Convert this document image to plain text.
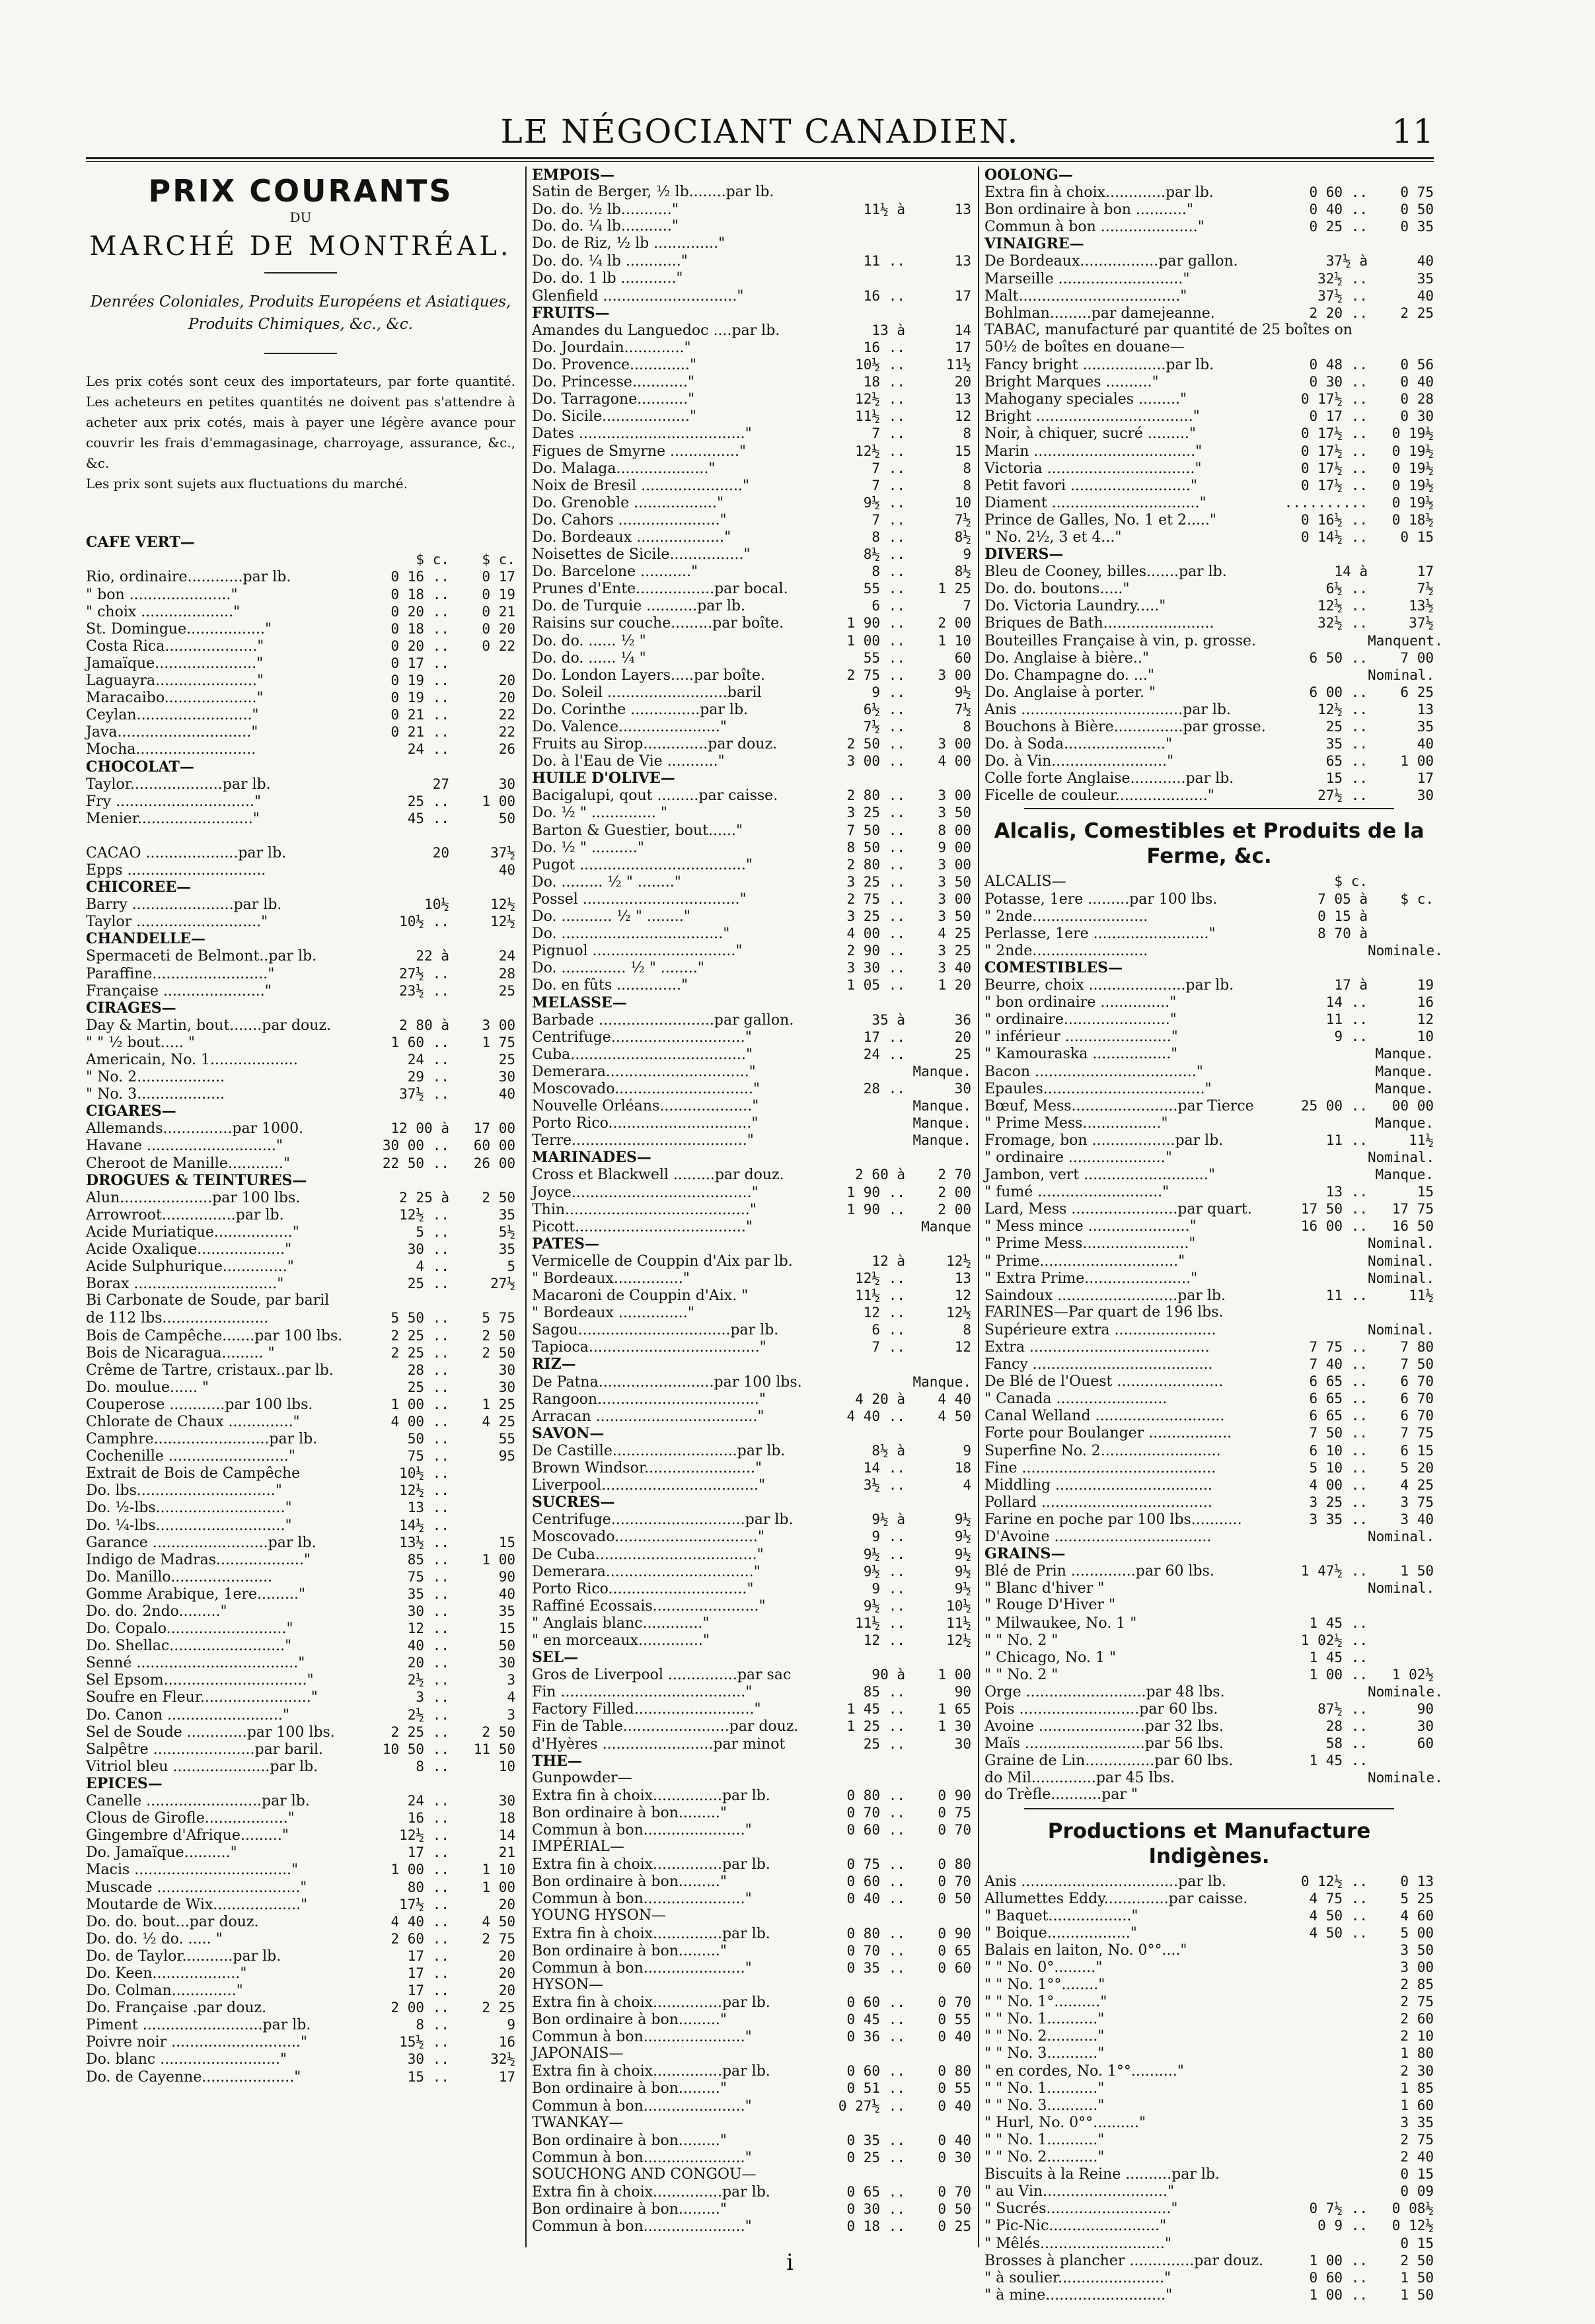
LE NÉGOCIANT CANADIEN.	11
PRIX COURANTS
DU
MARCHÉ DE MONTRÉAL.
Denrées Coloniales, Produits Européens et Asiatiques, Produits Chimiques, &c., &c.
Les prix cotés sont ceux des importateurs, par forte quantité. Les acheteurs en petites quantités ne doivent pas s'attendre à acheter aux prix cotés, mais à payer une légère avance pour couvrir les frais d'emmagasinage, charroyage, assurance, &c., &c.
Les prix sont sujets aux fluctuations du marché.
CAFE VERT—
$ c.	$ c.
Rio, ordinaire............par lb.	0 16 ..	0 17
" bon ......................"	0 18 ..	0 19
" choix ...................."	0 20 ..	0 21
St. Domingue................."	0 18 ..	0 20
Costa Rica...................."	0 20 ..	0 22
Jamaïque......................"	0 17 ..
Laguayra......................"	0 19 ..	20
Maracaibo...................."	0 19 ..	20
Ceylan........................."	0 21 ..	22
Java............................."	0 21 ..	22
Mocha..........................	24 ..	26
CHOCOLAT—
Taylor....................par lb.	27	30
Fry .............................."	25 ..	1 00
Menier........................."	45 ..	50
CACAO ....................par lb.	20	37½
Epps ..............................	40
CHICOREE—
Barry ......................par lb.	10½	12½
Taylor ..........................."	10½ ..	12½
CHANDELLE—
Spermaceti de Belmont..par lb.	22 à	24
Paraffine........................."	27½ ..	28
Française ......................"	23½ ..	25
CIRAGES—
Day & Martin, bout.......par douz.	2 80 à	3 00
" " ½ bout..... "	1 60 ..	1 75
Americain, No. 1...................	24 ..	25
" No. 2...................	29 ..	30
" No. 3...................	37½ ..	40
CIGARES—
Allemands...............par 1000.	12 00 à	17 00
Havane ............................"	30 00 ..	60 00
Cheroot de Manille............"	22 50 ..	26 00
DROGUES & TEINTURES—
Alun....................par 100 lbs.	2 25 à	2 50
Arrowroot................par lb.	12½ ..	35
Acide Muriatique................."	5 ..	5½
Acide Oxalique..................."	30 ..	35
Acide Sulphurique.............."	4 ..	5
Borax ..............................."	25 ..	27½
Bi Carbonate de Soude, par baril
de 112 lbs.......................	5 50 ..	5 75
Bois de Campêche.......par 100 lbs.	2 25 ..	2 50
Bois de Nicaragua......... "	2 25 ..	2 50
Crême de Tartre, cristaux..par lb.	28 ..	30
Do. moulue...... "	25 ..	30
Couperose ............par 100 lbs.	1 00 ..	1 25
Chlorate de Chaux .............."	4 00 ..	4 25
Camphre.........................par lb.	50 ..	55
Cochenille .........................."	75 ..	95
Extrait de Bois de Campêche	10½ ..
Do. lbs.............................."	12½ ..
Do. ½-lbs............................"	13 ..
Do. ¼-lbs............................"	14½ ..
Garance .........................par lb.	13½ ..	15
Indigo de Madras..................."	85 ..	1 00
Do. Manillo......................	75 ..	90
Gomme Arabique, 1ere........."	35 ..	40
Do. do. 2ndo........."	30 ..	35
Do. Copalo.........................."	12 ..	15
Do. Shellac........................."	40 ..	50
Senné ..................................."	20 ..	30
Sel Epsom..............................."	2½ ..	3
Soufre en Fleur........................"	3 ..	4
Do. Canon ........................."	2½ ..	3
Sel de Soude .............par 100 lbs.	2 25 ..	2 50
Salpêtre ......................par baril.	10 50 ..	11 50
Vitriol bleu .....................par lb.	8 ..	10
EPICES—
Canelle .........................par lb.	24 ..	30
Clous de Girofle.................."	16 ..	18
Gingembre d'Afrique........."	12½ ..	14
Do. Jamaïque.........."	17 ..	21
Macis .................................."	1 00 ..	1 10
Muscade ..............................."	80 ..	1 00
Moutarde de Wix..................."	17½ ..	20
Do. do. bout...par douz.	4 40 ..	4 50
Do. do. ½ do. ..... "	2 60 ..	2 75
Do. de Taylor...........par lb.	17 ..	20
Do. Keen..................."	17 ..	20
Do. Colman.............."	17 ..	20
Do. Française .par douz.	2 00 ..	2 25
Piment ..........................par lb.	8 ..	9
Poivre noir ............................"	15½ ..	16
Do. blanc .........................."	30 ..	32½
Do. de Cayenne...................."	15 ..	17
EMPOIS—
Satin de Berger, ½ lb........par lb.
Do. do. ½ lb..........."	11½ à	13
Do. do. ¼ lb..........."
Do. de Riz, ½ lb .............."
Do. do. ¼ lb ............"	11 ..	13
Do. do. 1 lb ............"
Glenfield ............................."	16 ..	17
FRUITS—
Amandes du Languedoc ....par lb.	13 à	14
Do. Jourdain............."	16 ..	17
Do. Provence............."	10½ ..	11½
Do. Princesse............"	18 ..	20
Do. Tarragone..........."	12½ ..	13
Do. Sicile..................."	11½ ..	12
Dates ...................................."	7 ..	8
Figues de Smyrne ..............."	12½ ..	15
Do. Malaga...................."	7 ..	8
Noix de Bresil ......................"	7 ..	8
Do. Grenoble .................."	9½ ..	10
Do. Cahors ......................"	7 ..	7½
Do. Bordeaux ..................."	8 ..	8½
Noisettes de Sicile................"	8½ ..	9
Do. Barcelone ..........."	8 ..	8½
Prunes d'Ente.................par bocal.	55 ..	1 25
Do. de Turquie ...........par lb.	6 ..	7
Raisins sur couche.........par boîte.	1 90 ..	2 00
Do. do. ...... ½ "	1 00 ..	1 10
Do. do. ...... ¼ "	55 ..	60
Do. London Layers.....par boîte.	2 75 ..	3 00
Do. Soleil ..........................baril	9 ..	9½
Do. Corinthe ...............par lb.	6½ ..	7½
Do. Valence......................"	7½ ..	8
Fruits au Sirop..............par douz.	2 50 ..	3 00
Do. à l'Eau de Vie ..........."	3 00 ..	4 00
HUILE D'OLIVE—
Bacigalupi, qout .........par caisse.	2 80 ..	3 00
Do. ½ " .............. "	3 25 ..	3 50
Barton & Guestier, bout......"	7 50 ..	8 00
Do. ½ " .........."	8 50 ..	9 00
Pugot ...................................."	2 80 ..	3 00
Do. ......... ½ " ........"	3 25 ..	3 50
Possel .................................."	2 75 ..	3 00
Do. ........... ½ " ........"	3 25 ..	3 50
Do. ..................................."	4 00 ..	4 25
Pignuol ..............................."	2 90 ..	3 25
Do. .............. ½ " ........"	3 30 ..	3 40
Do. en fûts .............."	1 05 ..	1 20
MELASSE—
Barbade .........................par gallon.	35 à	36
Centrifuge............................."	17 ..	20
Cuba......................................"	24 ..	25
Demerara..............................."	Manque.
Moscovado.............................."	28 ..	30
Nouvelle Orléans...................."	Manque.
Porto Rico..............................."	Manque.
Terre......................................"	Manque.
MARINADES—
Cross et Blackwell .........par douz.	2 60 à	2 70
Joyce......................................."	1 90 ..	2 00
Thin........................................"	1 90 ..	2 00
Picott....................................."	Manque
PATES—
Vermicelle de Couppin d'Aix par lb.	12 à	12½
" Bordeaux..............."	12½ ..	13
Macaroni de Couppin d'Aix. "	11½ ..	12
" Bordeaux ..............."	12 ..	12½
Sagou.................................par lb.	6 ..	8
Tapioca....................................."	7 ..	12
RIZ—
De Patna.........................par 100 lbs.	Manque.
Rangoon..................................."	4 20 à	4 40
Arracan ..................................."	4 40 ..	4 50
SAVON—
De Castille...........................par lb.	8½ à	9
Brown Windsor........................"	14 ..	18
Liverpool.................................."	3½ ..	4
SUCRES—
Centrifuge.............................par lb.	9½ à	9½
Moscovado..............................."	9 ..	9½
De Cuba..................................."	9½ ..	9½
Demerara................................"	9½ ..	9½
Porto Rico.............................."	9 ..	9½
Raffiné Ecossais......................."	9½ ..	10½
" Anglais blanc............."	11½ ..	11½
" en morceaux.............."	12 ..	12½
SEL—
Gros de Liverpool ...............par sac	90 à	1 00
Fin ........................................"	85 ..	90
Factory Filled.........................."	1 45 ..	1 65
Fin de Table.......................par douz.	1 25 ..	1 30
d'Hyères ........................par minot	25 ..	30
THE—
Gunpowder—
Extra fin à choix...............par lb.	0 80 ..	0 90
Bon ordinaire à bon........."	0 70 ..	0 75
Commun à bon......................"	0 60 ..	0 70
IMPÉRIAL—
Extra fin à choix...............par lb.	0 75 ..	0 80
Bon ordinaire à bon........."	0 60 ..	0 70
Commun à bon......................"	0 40 ..	0 50
YOUNG HYSON—
Extra fin à choix...............par lb.	0 80 ..	0 90
Bon ordinaire à bon........."	0 70 ..	0 65
Commun à bon......................"	0 35 ..	0 60
HYSON—
Extra fin à choix...............par lb.	0 60 ..	0 70
Bon ordinaire à bon........."	0 45 ..	0 55
Commun à bon......................"	0 36 ..	0 40
JAPONAIS—
Extra fin à choix...............par lb.	0 60 ..	0 80
Bon ordinaire à bon........."	0 51 ..	0 55
Commun à bon......................"	0 27½ ..	0 40
TWANKAY—
Bon ordinaire à bon........."	0 35 ..	0 40
Commun à bon......................"	0 25 ..	0 30
SOUCHONG AND CONGOU—
Extra fin à choix...............par lb.	0 65 ..	0 70
Bon ordinaire à bon........."	0 30 ..	0 50
Commun à bon......................"	0 18 ..	0 25
OOLONG—
Extra fin à choix.............par lb.	0 60 ..	0 75
Bon ordinaire à bon ..........."	0 40 ..	0 50
Commun à bon ....................."	0 25 ..	0 35
VINAIGRE—
De Bordeaux.................par gallon.	37½ à	40
Marseille ..........................."	32½ ..	35
Malt..................................."	37½ ..	40
Bohlman.........par damejeanne.	2 20 ..	2 25
TABAC, manufacturé par quantité de 25 boîtes on
50½ de boîtes en douane—
Fancy bright ..................par lb.	0 48 ..	0 56
Bright Marques .........."	0 30 ..	0 40
Mahogany speciales ........."	0 17½ ..	0 28
Bright .................................."	0 17 ..	0 30
Noir, à chiquer, sucré ........."	0 17½ ..	0 19½
Marin ..................................."	0 17½ ..	0 19½
Victoria ................................"	0 17½ ..	0 19½
Petit favori .........................."	0 17½ ..	0 19½
Diament ................................"	..........	0 19½
Prince de Galles, No. 1 et 2....."	0 16½ ..	0 18½
" No. 2½, 3 et 4..."	0 14½ ..	0 15
DIVERS—
Bleu de Cooney, billes.......par lb.	14 à	17
Do. do. boutons....."	6½ ..	7½
Do. Victoria Laundry....."	12½ ..	13½
Briques de Bath........................	32½ ..	37½
Bouteilles Française à vin, p. grosse.	Manquent.
Do. Anglaise à bière.."	6 50 ..	7 00
Do. Champagne do. ..."	Nominal.
Do. Anglaise à porter. "	6 00 ..	6 25
Anis ...................................par lb.	12½ ..	13
Bouchons à Bière...............par grosse.	25 ..	35
Do. à Soda......................"	35 ..	40
Do. à Vin........................."	65 ..	1 00
Colle forte Anglaise............par lb.	15 ..	17
Ficelle de couleur...................."	27½ ..	30
Alcalis, Comestibles et Produits de la Ferme, &c.
ALCALIS—	$ c.
Potasse, 1ere .........par 100 lbs.	7 05 à	$ c.
" 2nde.........................	0 15 à
Perlasse, 1ere ........................."	8 70 à
" 2nde.........................	Nominale.
COMESTIBLES—
Beurre, choix .....................par lb.	17 à	19
" bon ordinaire ..............."	14 ..	16
" ordinaire......................."	11 ..	12
" inférieur ......................."	9 ..	10
" Kamouraska ................."	Manque.
Bacon ..................................."	Manque.
Epaules..................................."	Manque.
Bœuf, Mess.......................par Tierce	25 00 ..	00 00
" Prime Mess................."	Manque.
Fromage, bon ..................par lb.	11 ..	11½
" ordinaire ....................."	Nominal.
Jambon, vert ..........................."	Manque.
" fumé ..........................."	13 ..	15
Lard, Mess .......................par quart.	17 50 ..	17 75
" Mess mince ......................"	16 00 ..	16 50
" Prime Mess......................."	Nominal.
" Prime.............................."	Nominal.
" Extra Prime......................."	Nominal.
Saindoux ..........................par lb.	11 ..	11½
FARINES—Par quart de 196 lbs.
Supérieure extra ......................	Nominal.
Extra .......................................	7 75 ..	7 80
Fancy .......................................	7 40 ..	7 50
De Blé de l'Ouest .......................	6 65 ..	6 70
" Canada ........................	6 65 ..	6 70
Canal Welland ............................	6 65 ..	6 70
Forte pour Boulanger ..................	7 50 ..	7 75
Superfine No. 2..........................	6 10 ..	6 15
Fine ..........................................	5 10 ..	5 20
Middling ..................................	4 00 ..	4 25
Pollard .....................................	3 25 ..	3 75
Farine en poche par 100 lbs...........	3 35 ..	3 40
D'Avoine ..................................	Nominal.
GRAINS—
Blé de Prin ..............par 60 lbs.	1 47½ ..	1 50
" Blanc d'hiver "	Nominal.
" Rouge D'Hiver "
" Milwaukee, No. 1 "	1 45 ..
" " No. 2 "	1 02½ ..
" Chicago, No. 1 "	1 45 ..
" " No. 2 "	1 00 ..	1 02½
Orge ..........................par 48 lbs.	Nominale.
Pois ..........................par 60 lbs.	87½ ..	90
Avoine .......................par 32 lbs.	28 ..	30
Maïs ..........................par 56 lbs.	58 ..	60
Graine de Lin...............par 60 lbs.	1 45 ..
do Mil..............par 45 lbs.	Nominale.
do Trèfle...........par "
Productions et Manufacture Indigènes.
Anis ..................................par lb.	0 12½ ..	0 13
Allumettes Eddy..............par caisse.	4 75 ..	5 25
" Baquet.................."	4 50 ..	4 60
" Boique.................."	4 50 ..	5 00
Balais en laiton, No. 0°°...."	3 50
" " No. 0°........."	3 00
" " No. 1°°........"	2 85
" " No. 1°.........."	2 75
" " No. 1..........."	2 60
" " No. 2..........."	2 10
" " No. 3..........."	1 80
" en cordes, No. 1°°.........."	2 30
" " No. 1..........."	1 85
" " No. 3..........."	1 60
" Hurl, No. 0°°.........."	3 35
" " No. 1..........."	2 75
" " No. 2..........."	2 40
Biscuits à la Reine ..........par lb.	0 15
" au Vin..........................."	0 09
" Sucrés..........................."	0 7½ ..	0 08½
" Pic-Nic........................"	0 9 ..	0 12½
" Mêlés..........................."	0 15
Brosses à plancher ..............par douz.	1 00 ..	2 50
" à soulier......................."	0 60 ..	1 50
" à mine.........................."	1 00 ..	1 50
i
